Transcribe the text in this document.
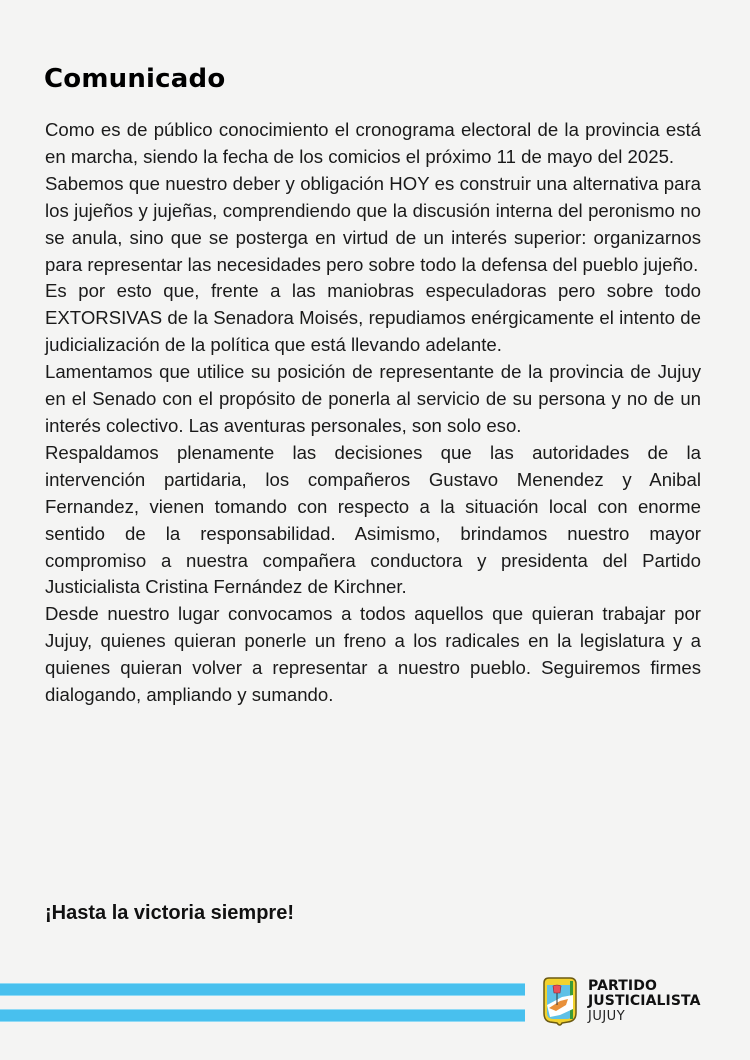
Comunicado

Como es de público conocimiento el cronograma electoral de la provincia está en marcha, siendo la fecha de los comicios el próximo 11 de mayo del 2025.

Sabemos que nuestro deber y obligación HOY es construir una alternativa para los jujeños y jujeñas, comprendiendo que la discusión interna del peronismo no se anula, sino que se posterga en virtud de un interés superior: organizarnos para representar las necesidades pero sobre todo la defensa del pueblo jujeño.

Es por esto que, frente a las maniobras especuladoras pero sobre todo EXTORSIVAS de la Senadora Moisés, repudiamos enérgicamente el intento de judicialización de la política que está llevando adelante.

Lamentamos que utilice su posición de representante de la provincia de Jujuy en el Senado con el propósito de ponerla al servicio de su persona y no de un interés colectivo. Las aventuras personales, son solo eso.

Respaldamos plenamente las decisiones que las autoridades de la intervención partidaria, los compañeros Gustavo Menendez y Anibal Fernandez, vienen tomando con respecto a la situación local con enorme sentido de la responsabilidad. Asimismo, brindamos nuestro mayor compromiso a nuestra compañera conductora y presidenta del Partido Justicialista Cristina Fernández de Kirchner.

Desde nuestro lugar convocamos a todos aquellos que quieran trabajar por Jujuy, quienes quieran ponerle un freno a los radicales en la legislatura y a quienes quieran volver a representar a nuestro pueblo. Seguiremos firmes dialogando, ampliando y sumando.

¡Hasta la victoria siempre!
PARTIDO
JUSTICIALISTA
JUJUY
